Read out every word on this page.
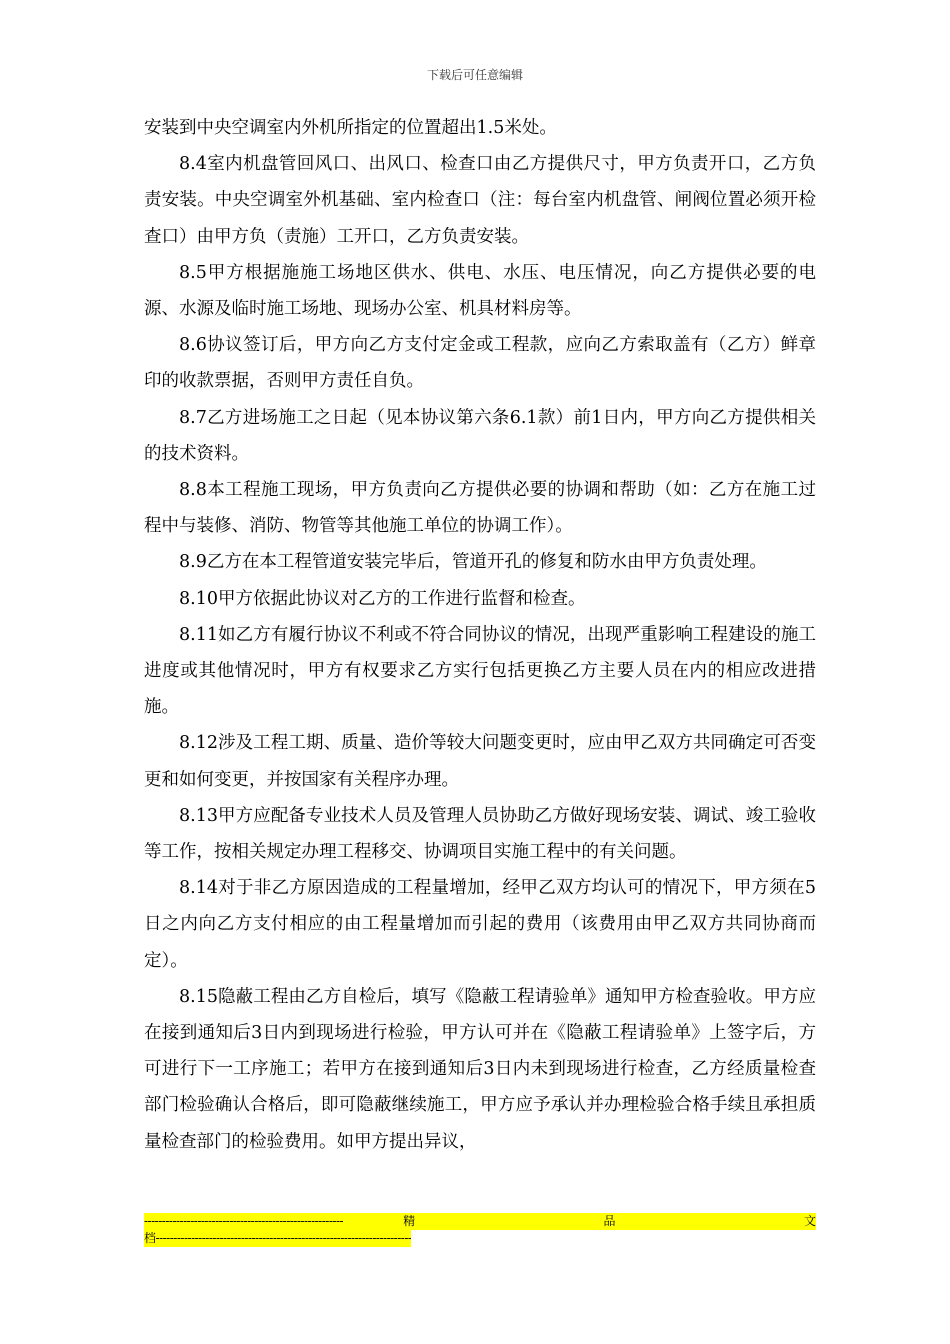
下载后可任意编辑

安装到中央空调室内外机所指定的位置超出1.5米处。

8.4室内机盘管回风口、出风口、检查口由乙方提供尺寸，甲方负责开口，乙方负责安装。中央空调室外机基础、室内检查口（注：每台室内机盘管、闸阀位置必须开检查口）由甲方负（责施）工开口，乙方负责安装。

8.5甲方根据施施工场地区供水、供电、水压、电压情况，向乙方提供必要的电源、水源及临时施工场地、现场办公室、机具材料房等。

8.6协议签订后，甲方向乙方支付定金或工程款，应向乙方索取盖有（乙方）鲜章印的收款票据，否则甲方责任自负。

8.7乙方进场施工之日起（见本协议第六条6.1款）前1日内，甲方向乙方提供相关的技术资料。

8.8本工程施工现场，甲方负责向乙方提供必要的协调和帮助（如：乙方在施工过程中与装修、消防、物管等其他施工单位的协调工作）。

8.9乙方在本工程管道安装完毕后，管道开孔的修复和防水由甲方负责处理。

8.10甲方依据此协议对乙方的工作进行监督和检查。

8.11如乙方有履行协议不利或不符合同协议的情况，出现严重影响工程建设的施工进度或其他情况时，甲方有权要求乙方实行包括更换乙方主要人员在内的相应改进措施。

8.12涉及工程工期、质量、造价等较大问题变更时，应由甲乙双方共同确定可否变更和如何变更，并按国家有关程序办理。

8.13甲方应配备专业技术人员及管理人员协助乙方做好现场安装、调试、竣工验收等工作，按相关规定办理工程移交、协调项目实施工程中的有关问题。

8.14对于非乙方原因造成的工程量增加，经甲乙双方均认可的情况下，甲方须在5日之内向乙方支付相应的由工程量增加而引起的费用（该费用由甲乙双方共同协商而定）。

8.15隐蔽工程由乙方自检后，填写《隐蔽工程请验单》通知甲方检查验收。甲方应在接到通知后3日内到现场进行检验，甲方认可并在《隐蔽工程请验单》上签字后，方可进行下一工序施工；若甲方在接到通知后3日内未到现场进行检查，乙方经质量检查部门检验确认合格后，即可隐蔽继续施工，甲方应予承认并办理检验合格手续且承担质量检查部门的检验费用。如甲方提出异议，

--------------------------------------------------------	精	品	文
档------------------------------------------------------------------------
